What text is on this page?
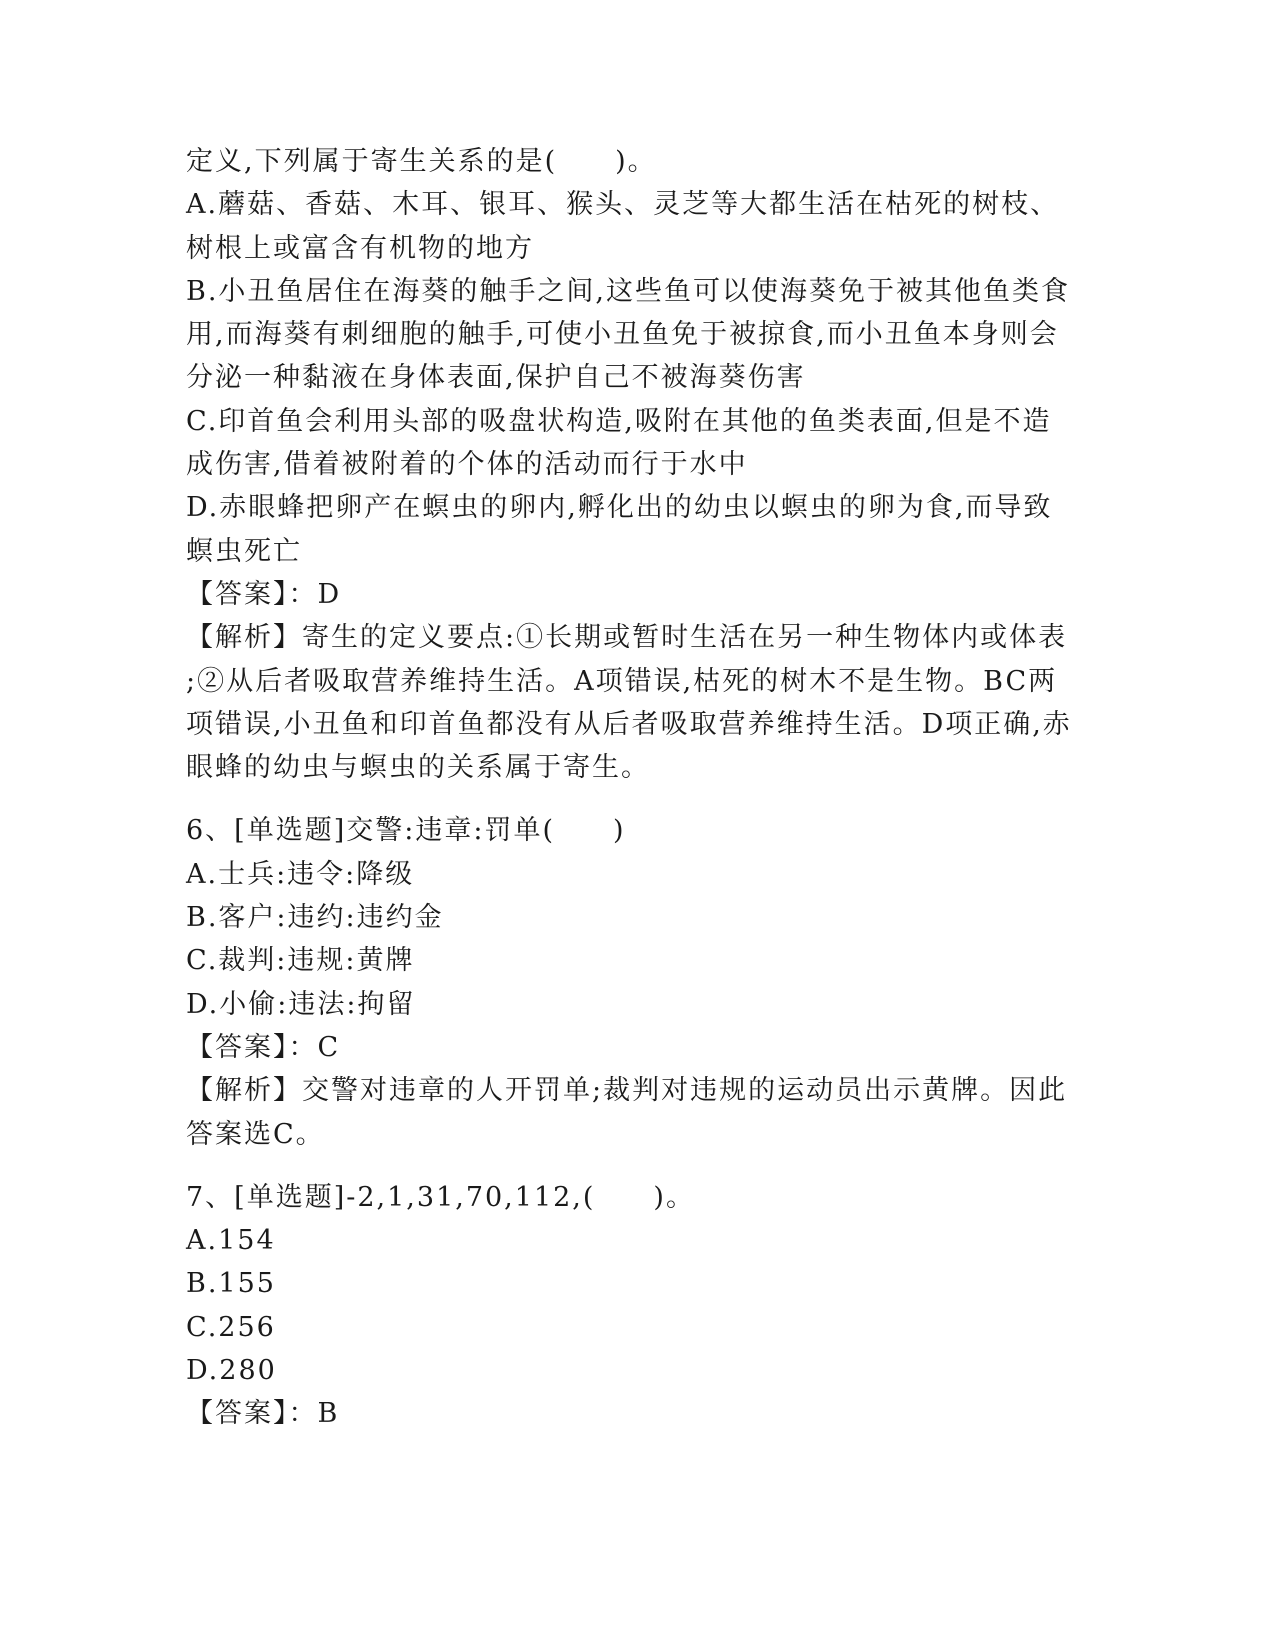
定义,下列属于寄生关系的是(　　)。
A.蘑菇、香菇、木耳、银耳、猴头、灵芝等大都生活在枯死的树枝、
树根上或富含有机物的地方
B.小丑鱼居住在海葵的触手之间,这些鱼可以使海葵免于被其他鱼类食
用,而海葵有刺细胞的触手,可使小丑鱼免于被掠食,而小丑鱼本身则会
分泌一种黏液在身体表面,保护自己不被海葵伤害
C.印首鱼会利用头部的吸盘状构造,吸附在其他的鱼类表面,但是不造
成伤害,借着被附着的个体的活动而行于水中
D.赤眼蜂把卵产在螟虫的卵内,孵化出的幼虫以螟虫的卵为食,而导致
螟虫死亡
【答案】：D
【解析】寄生的定义要点:①长期或暂时生活在另一种生物体内或体表
;②从后者吸取营养维持生活。A项错误,枯死的树木不是生物。BC两
项错误,小丑鱼和印首鱼都没有从后者吸取营养维持生活。D项正确,赤
眼蜂的幼虫与螟虫的关系属于寄生。
6、[单选题]交警:违章:罚单(　　)
A.士兵:违令:降级
B.客户:违约:违约金
C.裁判:违规:黄牌
D.小偷:违法:拘留
【答案】：C
【解析】交警对违章的人开罚单;裁判对违规的运动员出示黄牌。因此
答案选C。
7、[单选题]-2,1,31,70,112,(　　)。
A.154
B.155
C.256
D.280
【答案】：B
